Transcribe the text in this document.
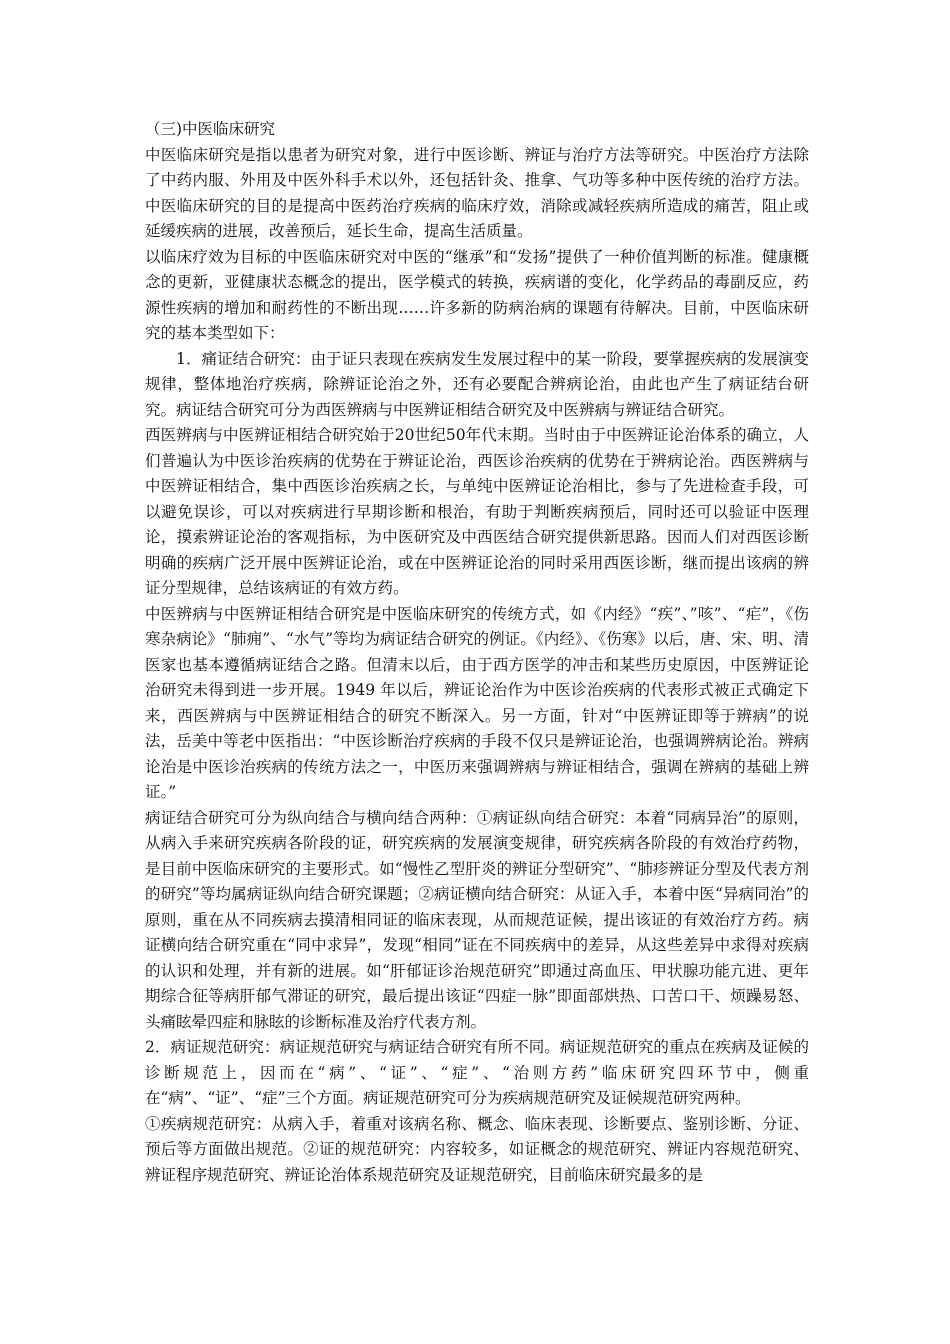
（三)中医临床研究

中医临床研究是指以患者为研究对象，进行中医诊断、辨证与治疗方法等研究。中医治疗方法除了中药内服、外用及中医外科手术以外，还包括针灸、推拿、气功等多种中医传统的治疗方法。中医临床研究的目的是提高中医药治疗疾病的临床疗效，消除或减轻疾病所造成的痛苦，阻止或延缓疾病的进展，改善预后，延长生命，提高生活质量。

以临床疗效为目标的中医临床研究对中医的“继承”和“发扬”提供了一种价值判断的标准。健康概念的更新，亚健康状态概念的提出，医学模式的转换，疾病谱的变化，化学药品的毒副反应，药源性疾病的增加和耐药性的不断出现……许多新的防病治病的课题有待解决。目前，中医临床研究的基本类型如下：

1．痛证结合研究：由于证只表现在疾病发生发展过程中的某一阶段，要掌握疾病的发展演变规律，整体地治疗疾病，除辨证论治之外，还有必要配合辨病论治，由此也产生了病证结台研究。病证结合研究可分为西医辨病与中医辨证相结合研究及中医辨病与辨证结合研究。

西医辨病与中医辨证相结合研究始于20世纪50年代末期。当时由于中医辨证论治体系的确立，人们普遍认为中医诊治疾病的优势在于辨证论治，西医诊治疾病的优势在于辨病论治。西医辨病与中医辨证相结合，集中西医诊治疾病之长，与单纯中医辨证论治相比，参与了先进检查手段，可以避免误诊，可以对疾病进行早期诊断和根治，有助于判断疾病预后，同时还可以验证中医理论，摸索辨证论治的客观指标，为中医研究及中西医结合研究提供新思路。因而人们对西医诊断明确的疾病广泛开展中医辨证论治，或在中医辨证论治的同时采用西医诊断，继而提出该病的辨证分型规律，总结该病证的有效方药。

中医辨病与中医辨证相结合研究是中医临床研究的传统方式，如《内经》“疾”、”咳”、“疟”，《伤寒杂病论》“肺痈”、“水气”等均为病证结合研究的例证。《内经》、《伤寒》以后，唐、宋、明、清医家也基本遵循病证结合之路。但清末以后，由于西方医学的冲击和某些历史原因，中医辨证论治研究未得到进一步开展。1949 年以后，辨证论治作为中医诊治疾病的代表形式被正式确定下来，西医辨病与中医辨证相结合的研究不断深入。另一方面，针对“中医辨证即等于辨病”的说法，岳美中等老中医指出：“中医诊断治疗疾病的手段不仅只是辨证论治，也强调辨病论治。辨病论治是中医诊治疾病的传统方法之一，中医历来强调辨病与辨证相结合，强调在辨病的基础上辨证。”

病证结合研究可分为纵向结合与横向结合两种：①病证纵向结合研究：本着“同病异治”的原则，从病入手来研究疾病各阶段的证，研究疾病的发展演变规律，研究疾病各阶段的有效治疗药物，是目前中医临床研究的主要形式。如“慢性乙型肝炎的辨证分型研究”、“肺疹辨证分型及代表方剂的研究”等均属病证纵向结合研究课题；②病证横向结合研究：从证入手，本着中医“异病同治”的原则，重在从不同疾病去摸清相同证的临床表现，从而规范证候，提出该证的有效治疗方药。病证横向结合研究重在“同中求异”，发现“相同”证在不同疾病中的差异，从这些差异中求得对疾病的认识和处理，并有新的进展。如“肝郁证诊治规范研究”即通过高血压、甲状腺功能亢进、更年期综合征等病肝郁气滞证的研究，最后提出该证“四症一脉”即面部烘热、口苦口干、烦躁易怒、头痛眩晕四症和脉眩的诊断标准及治疗代表方剂。

2．病证规范研究：病证规范研究与病证结合研究有所不同。病证规范研究的重点在疾病及证候的诊断规范上，因而在“病”、“证”、“症”、“治则方药”临床研究四环节中，侧重在“病”、“证”、“症”三个方面。病证规范研究可分为疾病规范研究及证候规范研究两种。

①疾病规范研究：从病入手，着重对该病名称、概念、临床表现、诊断要点、鉴别诊断、分证、预后等方面做出规范。②证的规范研究：内容较多，如证概念的规范研究、辨证内容规范研究、辨证程序规范研究、辨证论治体系规范研究及证规范研究，目前临床研究最多的是
